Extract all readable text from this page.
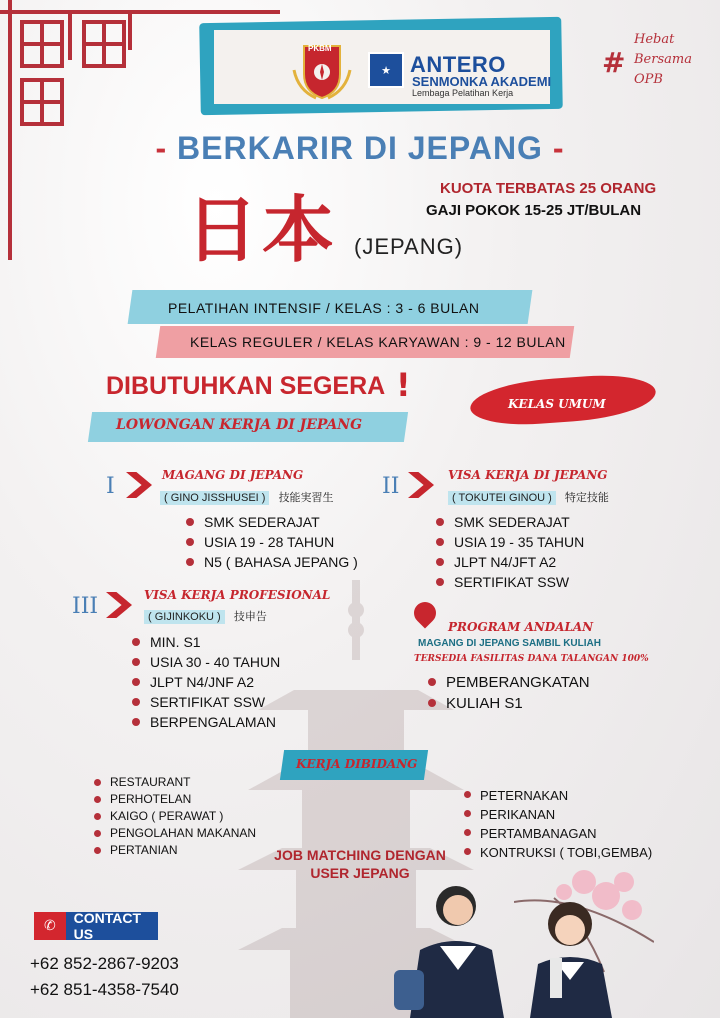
PKBM
★ ANTERO
SENMONKA AKADEMI
Lembaga Pelatihan Kerja
#
Hebat Bersama OPB
- BERKARIR DI JEPANG -
日本 (JEPANG)
KUOTA TERBATAS 25 ORANG
GAJI POKOK 15-25 JT/BULAN
PELATIHAN INTENSIF / KELAS : 3 - 6 BULAN
KELAS REGULER / KELAS KARYAWAN : 9 - 12 BULAN
DIBUTUHKAN SEGERA !
LOWONGAN KERJA DI JEPANG
KELAS UMUM
I	MAGANG DI JEPANG
( GINO JISSHUSEI ) 技能実習生
SMK SEDERAJAT
USIA 19 - 28 TAHUN
N5 ( BAHASA JEPANG )
II	VISA KERJA DI JEPANG
( TOKUTEI GINOU ) 特定技能
SMK SEDERAJAT
USIA 19 - 35 TAHUN
JLPT N4/JFT A2
SERTIFIKAT SSW
III	VISA KERJA PROFESIONAL
( GIJINKOKU ) 技申告
MIN. S1
USIA 30 - 40 TAHUN
JLPT N4/JNF A2
SERTIFIKAT SSW
BERPENGALAMAN
PROGRAM ANDALAN
MAGANG DI JEPANG SAMBIL KULIAH
TERSEDIA FASILITAS DANA TALANGAN 100%
PEMBERANGKATAN
KULIAH S1
KERJA DIBIDANG
RESTAURANT
PERHOTELAN
KAIGO ( PERAWAT )
PENGOLAHAN MAKANAN
PERTANIAN
PETERNAKAN
PERIKANAN
PERTAMBANAGAN
KONTRUKSI ( TOBI,GEMBA)
JOB MATCHING DENGAN USER JEPANG
✆	CONTACT US
+62 852-2867-9203
+62 851-4358-7540
